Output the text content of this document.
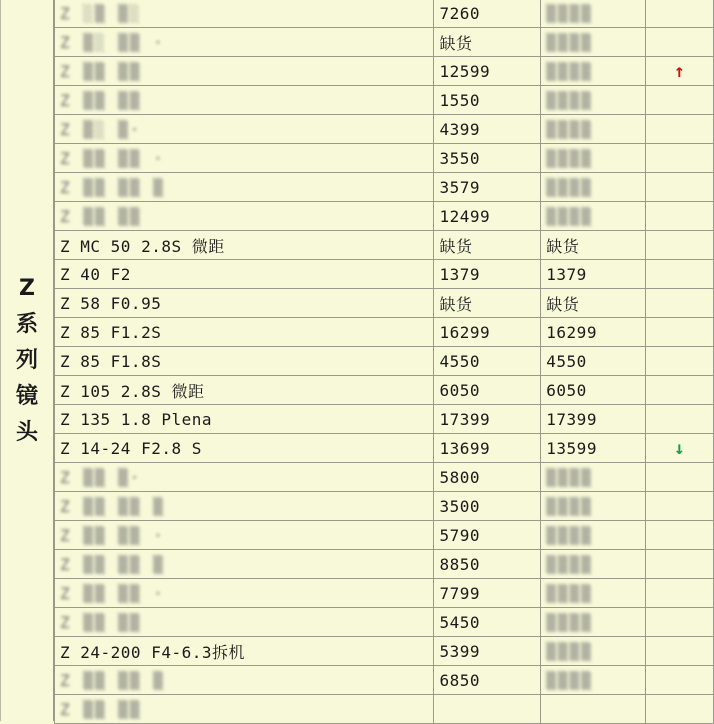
Z
系
列
镜
头
Z ░▒ ▒░	7260	▒▒▒▒	
Z ▒░ ▒▒ ·	缺货	▒▒▒▒	
Z ▒▒ ▒▒	12599	▒▒▒▒	↑
Z ▒▒ ▒▒	1550	▒▒▒▒	
Z ▒░ ▒·	4399	▒▒▒▒	
Z ▒▒ ▒▒ ·	3550	▒▒▒▒	
Z ▒▒ ▒▒ ▒	3579	▒▒▒▒	
Z ▒▒ ▒▒	12499	▒▒▒▒	
Z MC 50 2.8S 微距	缺货	缺货	
Z 40 F2	1379	1379	
Z 58 F0.95	缺货	缺货	
Z 85 F1.2S	16299	16299	
Z 85 F1.8S	4550	4550	
Z 105 2.8S 微距	6050	6050	
Z 135 1.8 Plena	17399	17399	
Z 14-24 F2.8 S	13699	13599	↓
Z ▒▒ ▒·	5800	▒▒▒▒	
Z ▒▒ ▒▒ ▒	3500	▒▒▒▒	
Z ▒▒ ▒▒ ·	5790	▒▒▒▒	
Z ▒▒ ▒▒ ▒	8850	▒▒▒▒	
Z ▒▒ ▒▒ ·	7799	▒▒▒▒	
Z ▒▒ ▒▒	5450	▒▒▒▒	
Z 24-200 F4-6.3拆机	5399	▒▒▒▒	
Z ▒▒ ▒▒ ▒	6850	▒▒▒▒	
Z ▒▒ ▒▒			
